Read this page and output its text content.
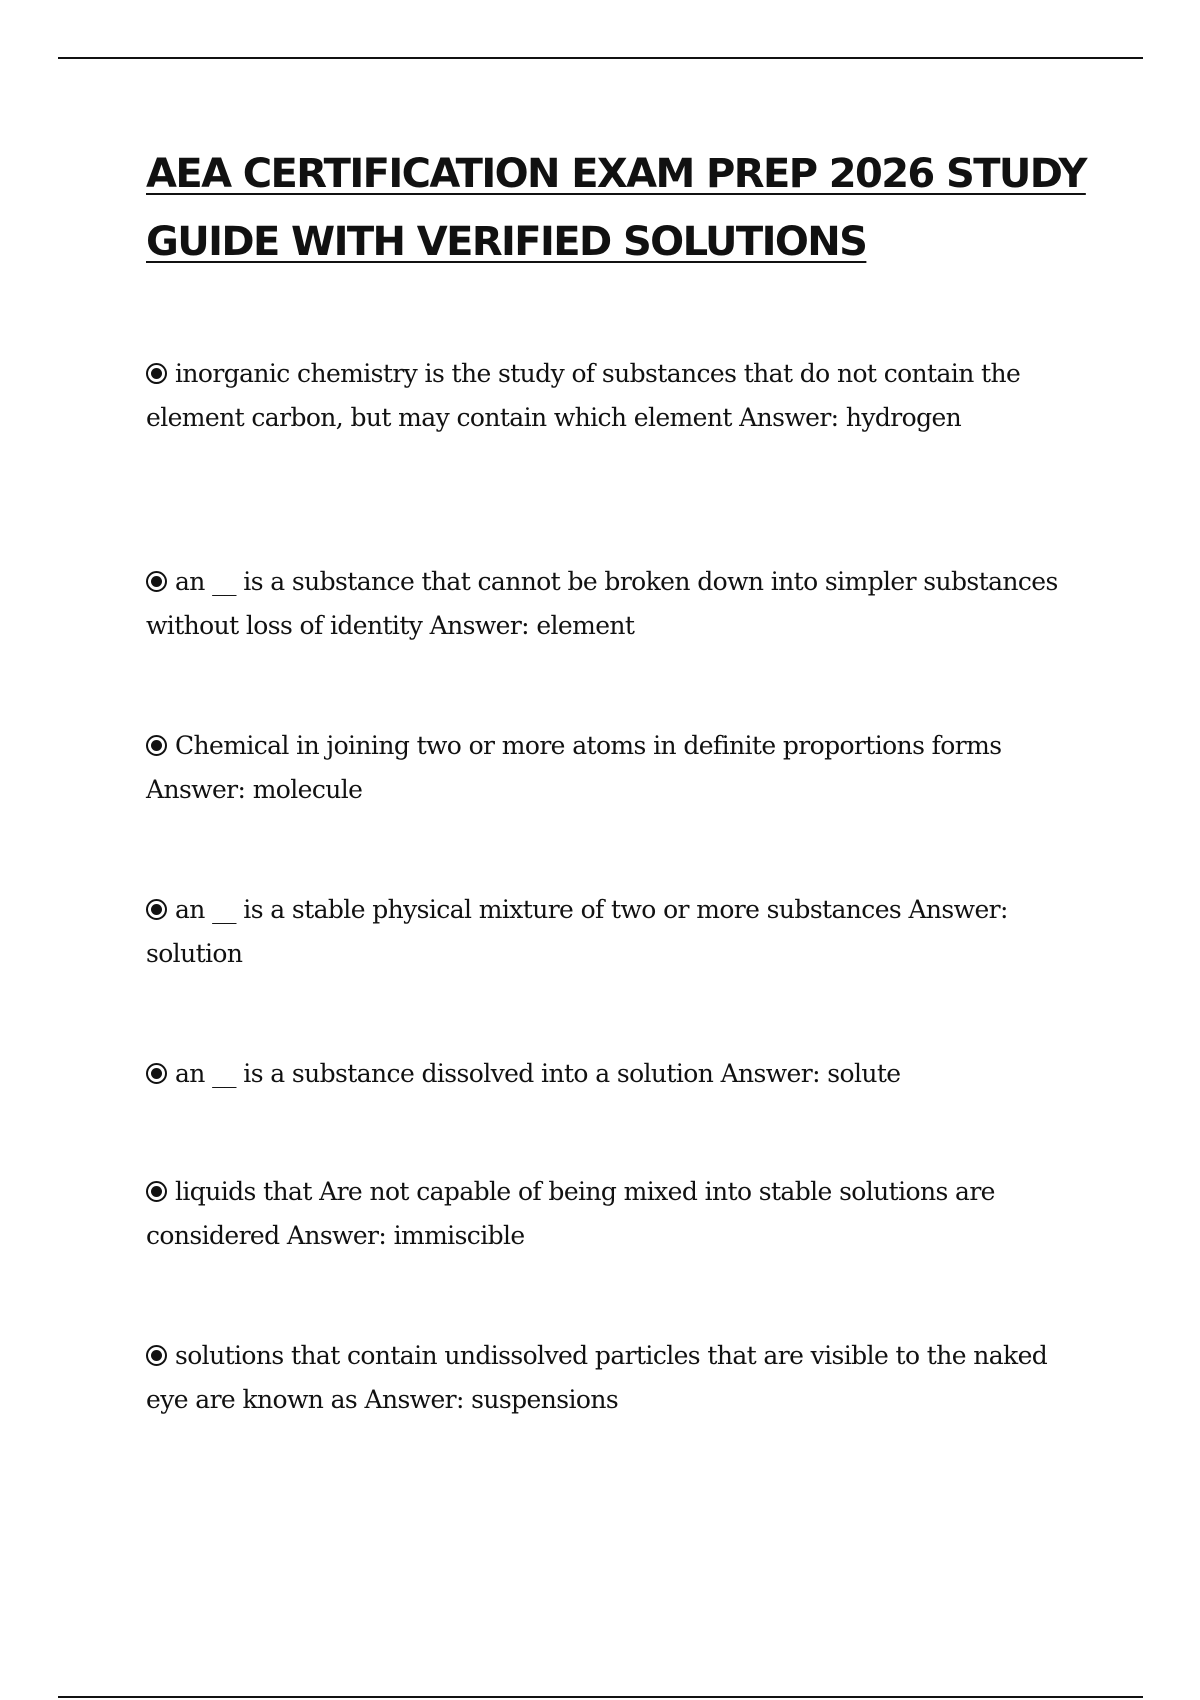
AEA CERTIFICATION EXAM PREP 2026 STUDY GUIDE WITH VERIFIED SOLUTIONS
inorganic chemistry is the study of substances that do not contain the element carbon, but may contain which element Answer: hydrogen
an __ is a substance that cannot be broken down into simpler substances without loss of identity Answer: element
Chemical in joining two or more atoms in definite proportions forms Answer: molecule
an __ is a stable physical mixture of two or more substances Answer: solution
an __ is a substance dissolved into a solution Answer: solute
liquids that Are not capable of being mixed into stable solutions are considered Answer: immiscible
solutions that contain undissolved particles that are visible to the naked eye are known as Answer: suspensions
